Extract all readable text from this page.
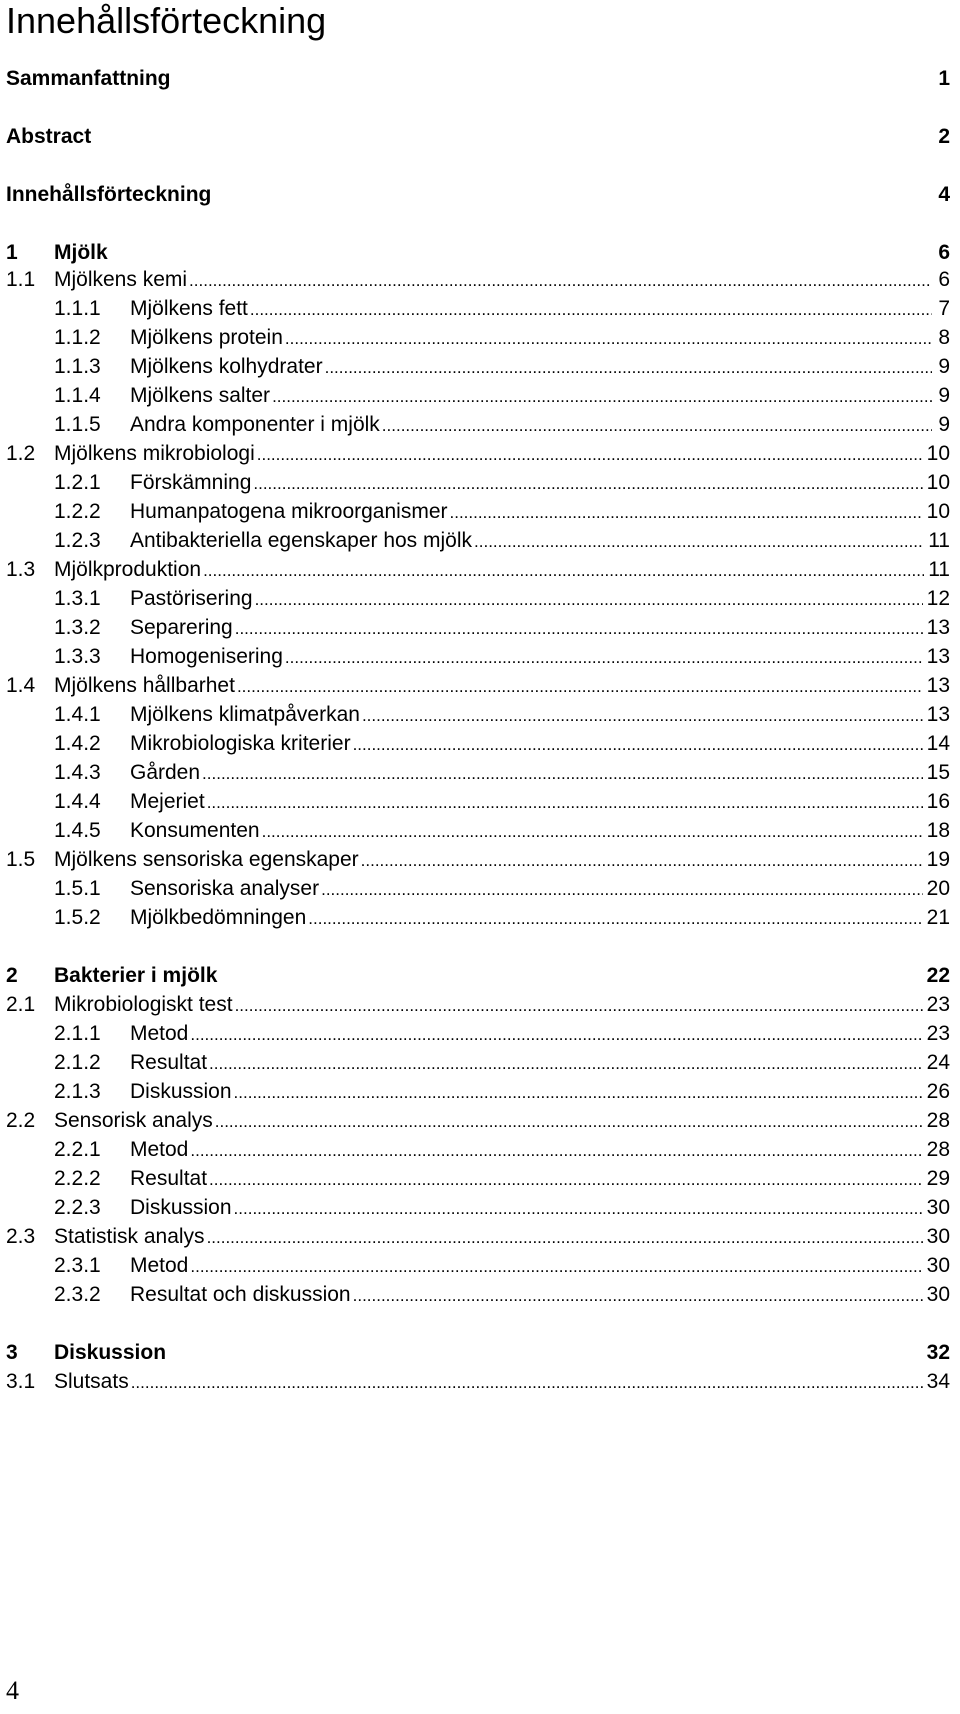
Innehållsförteckning
Sammanfattning	1
Abstract	2
Innehållsförteckning	4
1	Mjölk	6
1.1 Mjölkens kemi .....	6
1.1.1	Mjölkens fett .....	7
1.1.2	Mjölkens protein .....	8
1.1.3	Mjölkens kolhydrater .....	9
1.1.4	Mjölkens salter .....	9
1.1.5	Andra komponenter i mjölk .....	9
1.2 Mjölkens mikrobiologi .....	10
1.2.1	Förskämning .....	10
1.2.2	Humanpatogena mikroorganismer .....	10
1.2.3	Antibakteriella egenskaper hos mjölk .....	11
1.3 Mjölkproduktion .....	11
1.3.1	Pastörisering .....	12
1.3.2	Separering .....	13
1.3.3	Homogenisering .....	13
1.4 Mjölkens hållbarhet .....	13
1.4.1	Mjölkens klimatpåverkan .....	13
1.4.2	Mikrobiologiska kriterier .....	14
1.4.3	Gården .....	15
1.4.4	Mejeriet .....	16
1.4.5	Konsumenten .....	18
1.5 Mjölkens sensoriska egenskaper .....	19
1.5.1	Sensoriska analyser .....	20
1.5.2	Mjölkbedömningen .....	21
2	Bakterier i mjölk	22
2.1 Mikrobiologiskt test .....	23
2.1.1	Metod .....	23
2.1.2	Resultat .....	24
2.1.3	Diskussion .....	26
2.2 Sensorisk analys .....	28
2.2.1	Metod .....	28
2.2.2	Resultat .....	29
2.2.3	Diskussion .....	30
2.3 Statistisk analys .....	30
2.3.1	Metod .....	30
2.3.2	Resultat och diskussion .....	30
3	Diskussion	32
3.1 Slutsats .....	34
4
